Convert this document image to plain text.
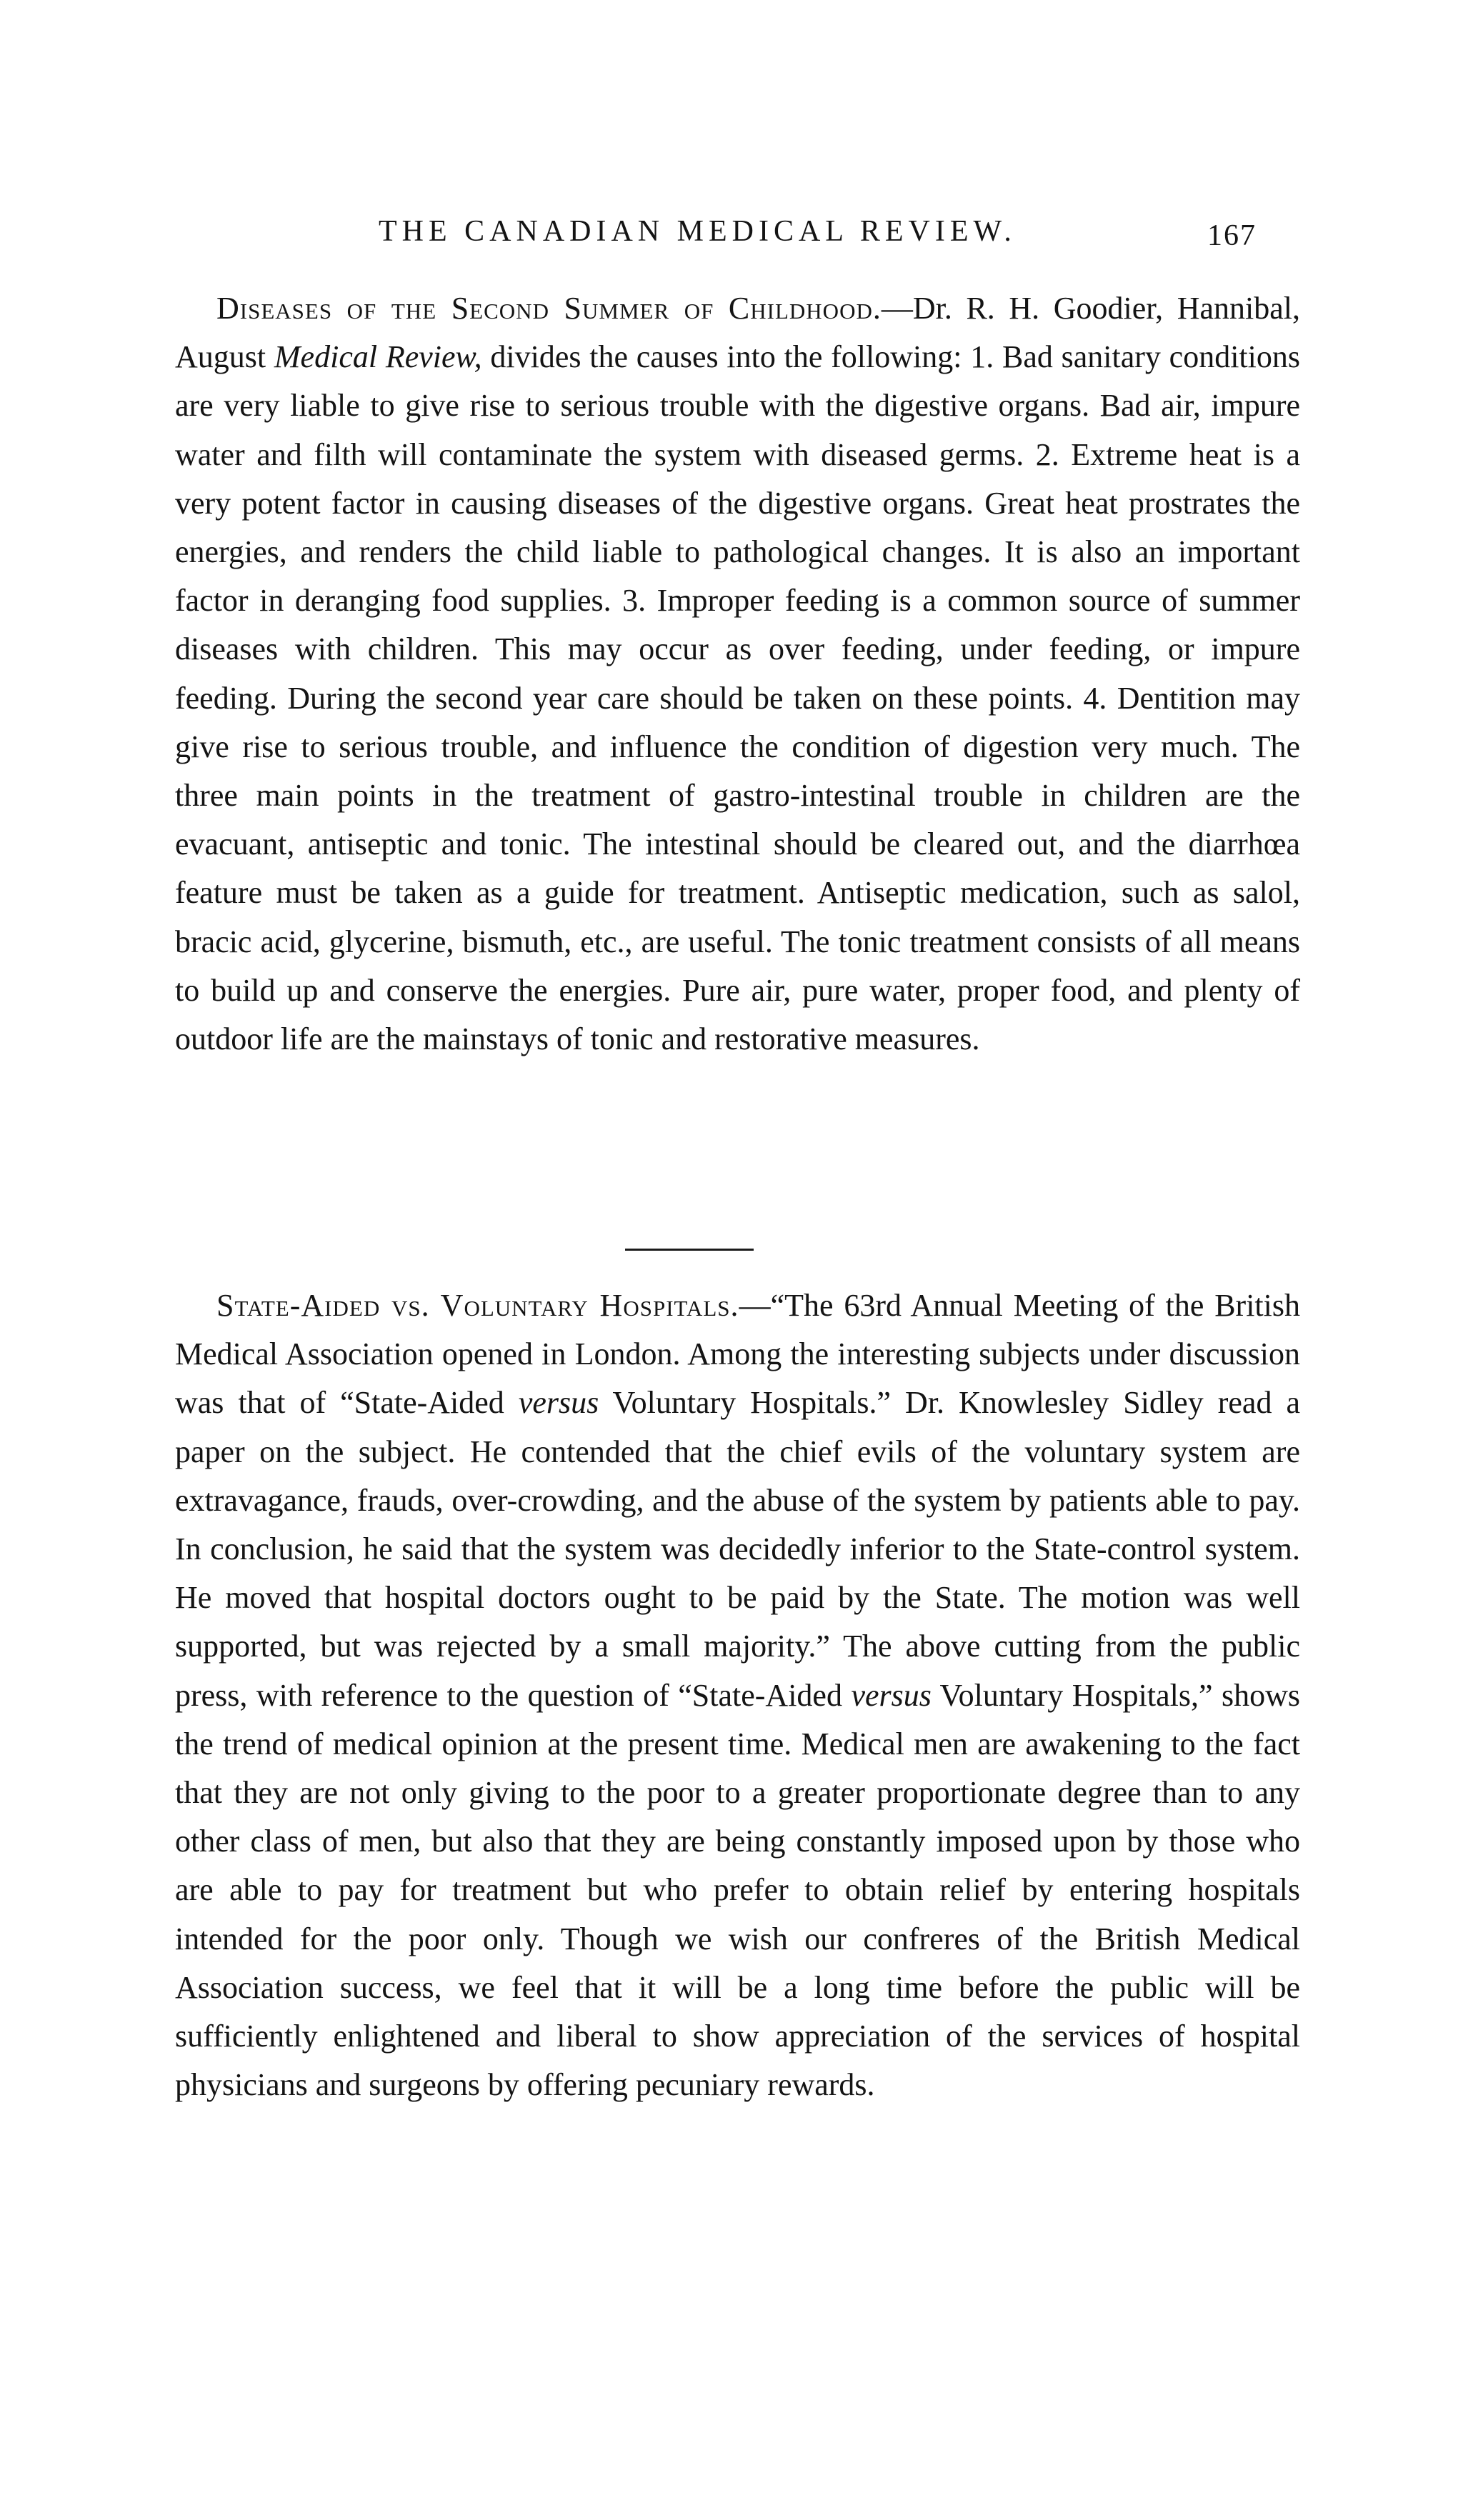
THE CANADIAN MEDICAL REVIEW.	167

Diseases of the Second Summer of Childhood.—Dr. R. H. Goodier, Hannibal, August Medical Review, divides the causes into the following: 1. Bad sanitary conditions are very liable to give rise to serious trouble with the digestive organs. Bad air, impure water and filth will contaminate the system with diseased germs. 2. Extreme heat is a very potent factor in causing diseases of the digestive organs. Great heat prostrates the energies, and renders the child liable to pathological changes. It is also an important factor in deranging food supplies. 3. Improper feeding is a common source of summer diseases with children. This may occur as over feeding, under feeding, or impure feeding. During the second year care should be taken on these points. 4. Dentition may give rise to serious trouble, and influence the condition of digestion very much. The three main points in the treatment of gastro-intestinal trouble in children are the evacuant, antiseptic and tonic. The intestinal should be cleared out, and the diarrhœa feature must be taken as a guide for treatment. Antiseptic medication, such as salol, bracic acid, glycerine, bismuth, etc., are useful. The tonic treatment consists of all means to build up and conserve the energies. Pure air, pure water, proper food, and plenty of outdoor life are the mainstays of tonic and restorative measures.

State-Aided vs. Voluntary Hospitals.—“The 63rd Annual Meeting of the British Medical Association opened in London. Among the interesting subjects under discussion was that of “State-Aided versus Voluntary Hospitals.” Dr. Knowlesley Sidley read a paper on the subject. He contended that the chief evils of the voluntary system are extravagance, frauds, over-crowding, and the abuse of the system by patients able to pay. In conclusion, he said that the system was decidedly inferior to the State-control system. He moved that hospital doctors ought to be paid by the State. The motion was well supported, but was rejected by a small majority.” The above cutting from the public press, with reference to the question of “State-Aided versus Voluntary Hospitals,” shows the trend of medical opinion at the present time. Medical men are awakening to the fact that they are not only giving to the poor to a greater proportionate degree than to any other class of men, but also that they are being constantly imposed upon by those who are able to pay for treatment but who prefer to obtain relief by entering hospitals intended for the poor only. Though we wish our confreres of the British Medical Association success, we feel that it will be a long time before the public will be sufficiently enlightened and liberal to show appreciation of the services of hospital physicians and surgeons by offering pecuniary rewards.
